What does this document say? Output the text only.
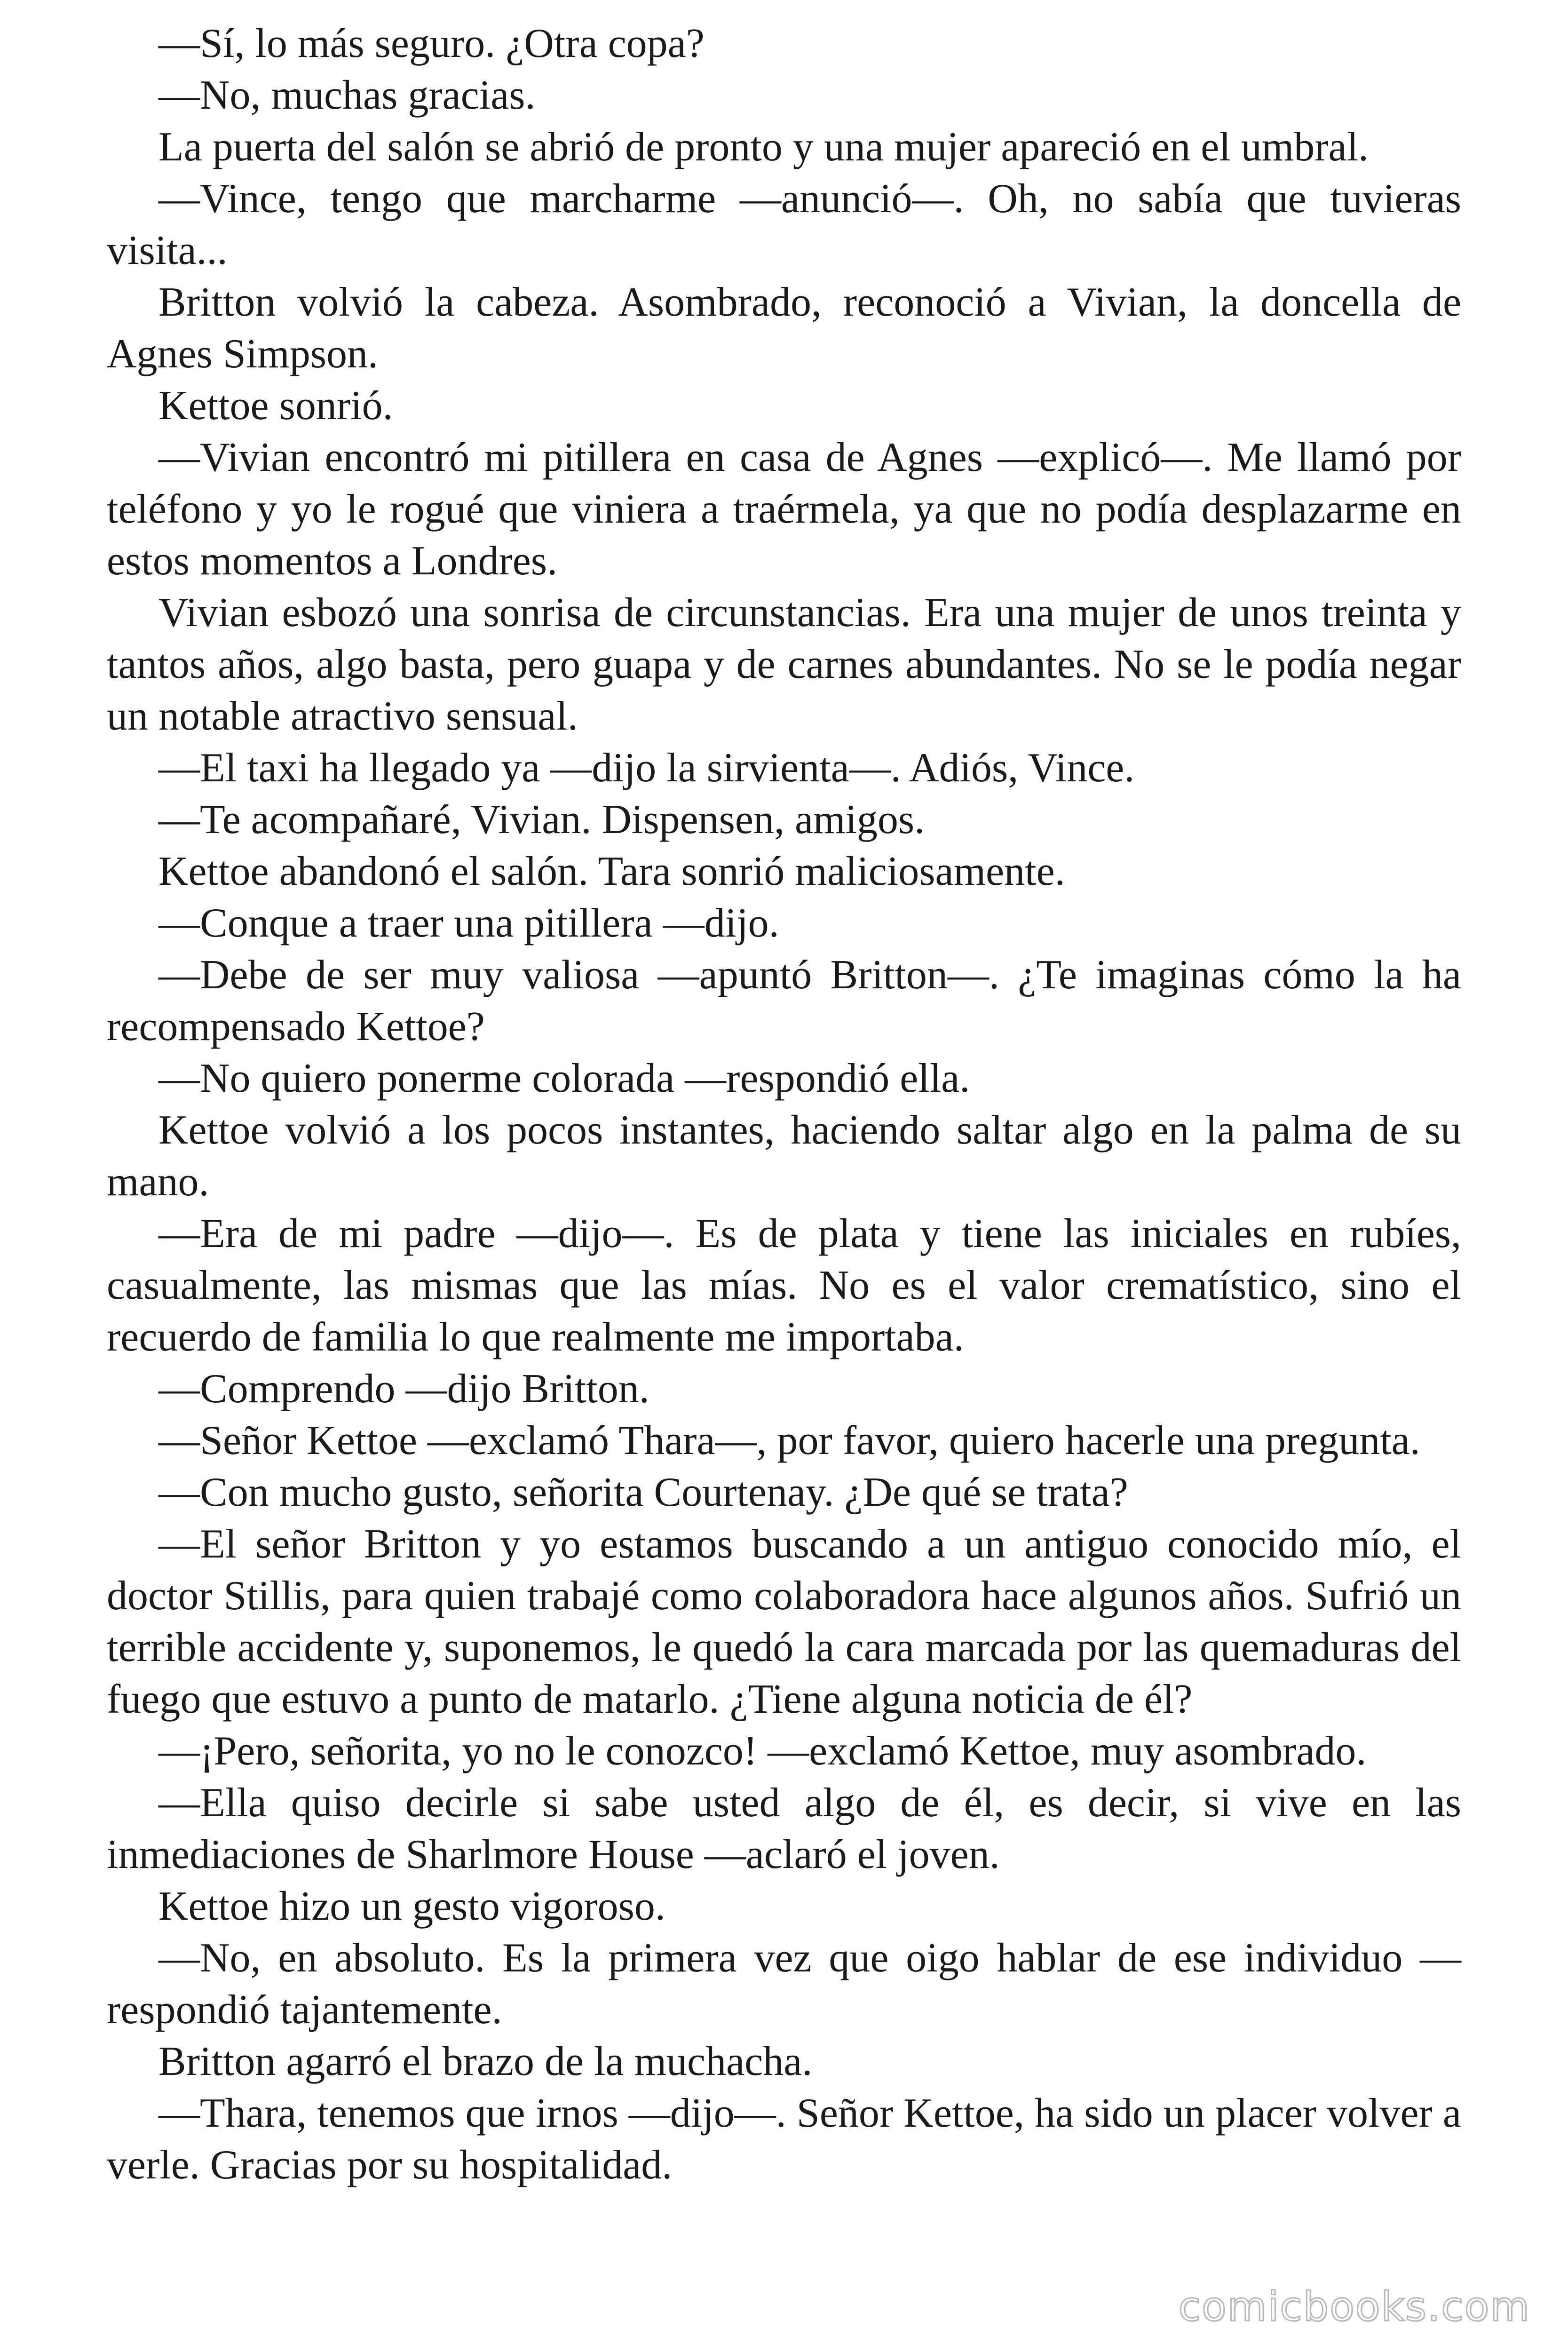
—Sí, lo más seguro. ¿Otra copa?

—No, muchas gracias.

La puerta del salón se abrió de pronto y una mujer apareció en el umbral.

—Vince, tengo que marcharme —anunció—. Oh, no sabía que tuvieras visita...

Britton volvió la cabeza. Asombrado, reconoció a Vivian, la doncella de Agnes Simpson.

Kettoe sonrió.

—Vivian encontró mi pitillera en casa de Agnes —explicó—. Me llamó por teléfono y yo le rogué que viniera a traérmela, ya que no podía desplazarme en estos momentos a Londres.

Vivian esbozó una sonrisa de circunstancias. Era una mujer de unos treinta y tantos años, algo basta, pero guapa y de carnes abundantes. No se le podía negar un notable atractivo sensual.

—El taxi ha llegado ya —dijo la sirvienta—. Adiós, Vince.

—Te acompañaré, Vivian. Dispensen, amigos.

Kettoe abandonó el salón. Tara sonrió maliciosamente.

—Conque a traer una pitillera —dijo.

—Debe de ser muy valiosa —apuntó Britton—. ¿Te imaginas cómo la ha recompensado Kettoe?

—No quiero ponerme colorada —respondió ella.

Kettoe volvió a los pocos instantes, haciendo saltar algo en la palma de su mano.

—Era de mi padre —dijo—. Es de plata y tiene las iniciales en rubíes, casualmente, las mismas que las mías. No es el valor crematístico, sino el recuerdo de familia lo que realmente me importaba.

—Comprendo —dijo Britton.

—Señor Kettoe —exclamó Thara—, por favor, quiero hacerle una pregunta.

—Con mucho gusto, señorita Courtenay. ¿De qué se trata?

—El señor Britton y yo estamos buscando a un antiguo conocido mío, el doctor Stillis, para quien trabajé como colaboradora hace algunos años. Sufrió un terrible accidente y, suponemos, le quedó la cara marcada por las quemaduras del fuego que estuvo a punto de matarlo. ¿Tiene alguna noticia de él?

—¡Pero, señorita, yo no le conozco! —exclamó Kettoe, muy asombrado.

—Ella quiso decirle si sabe usted algo de él, es decir, si vive en las inmediaciones de Sharlmore House —aclaró el joven.

Kettoe hizo un gesto vigoroso.

—No, en absoluto. Es la primera vez que oigo hablar de ese individuo — respondió tajantemente.

Britton agarró el brazo de la muchacha.

—Thara, tenemos que irnos —dijo—. Señor Kettoe, ha sido un placer volver a verle. Gracias por su hospitalidad.

comicbooks.com
